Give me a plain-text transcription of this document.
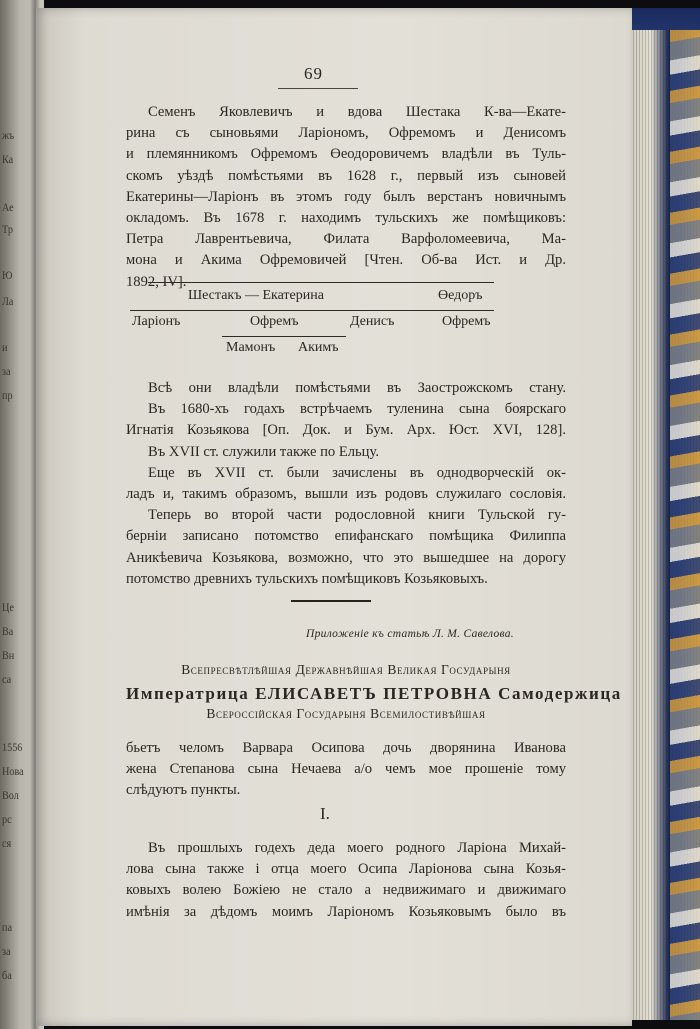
жъ
Ка
Ае
Тр
Ю
Ла
и
за
пр
Це
Bа
Вн
са
1556
Нова
Вол
рс
ся
па
за
ба
69
Семенъ Яковлевичъ и вдова Шестака К-ва—Екате-
рина съ сыновьями Ларiономъ, Офремомъ и Денисомъ
и племянникомъ Офремомъ Өеодоровичемъ владѣли въ Туль-
скомъ уѣздѣ помѣстьями въ 1628 г., первый изъ сыновей
Екатерины—Ларiонъ въ этомъ году былъ верстанъ новичнымъ
окладомъ. Въ 1678 г. находимъ тульскихъ же помѣщиковъ:
Петра Лаврентьевича, Филата Варфоломеевича, Ма-
мона и Акима Офремовичей [Чтен. Об-ва Ист. и Др.
1892, IV].
Шестакъ — Екатерина	Өедоръ
Ларiонъ	Офремъ	Денисъ	Офремъ
Мамонъ Акимъ
Всѣ они владѣли помѣстьями въ Заострожскомъ стану.
Въ 1680-хъ годахъ встрѣчаемъ туленина сына боярскаго
Игнатiя Козьякова [Оп. Док. и Бум. Арх. Юст. XVI, 128].
Въ XVII ст. служили также по Ельцу.
Еще въ XVII ст. были зачислены въ однодворческiй ок-
ладъ и, такимъ образомъ, вышли изъ родовъ служилаго сословiя.
Теперь во второй части родословной книги Тульской гу-
бернiи записано потомство епифанскаго помѣщика Филиппа
Аникѣевича Козьякова, возможно, что это вышедшее на дорогу
потомство древнихъ тульскихъ помѣщиковъ Козьяковыхъ.
Приложенiе къ статьѣ Л. М. Савелова.
Всепресвѣтлѣйшая Державнѣйшая Великая Государыня
Императрица ЕЛИСАВЕТЪ ПЕТРОВНА Самодержица
Всероссiйская Государыня Всемилостивѣйшая
бьетъ челомъ Варвара Осипова дочь дворянина Иванова
жена Степанова сына Нечаева а/о чемъ мое прошенiе тому
слѣдуютъ пункты.
I.
Въ прошлыхъ годехъ деда моего родного Ларiона Михай-
лова сына также i отца моего Осипа Ларiонова сына Козья-
ковыхъ волею Божiею не стало а недвижимаго и движимаго
имѣнiя за дѣдомъ моимъ Ларiономъ Козьяковымъ было въ
